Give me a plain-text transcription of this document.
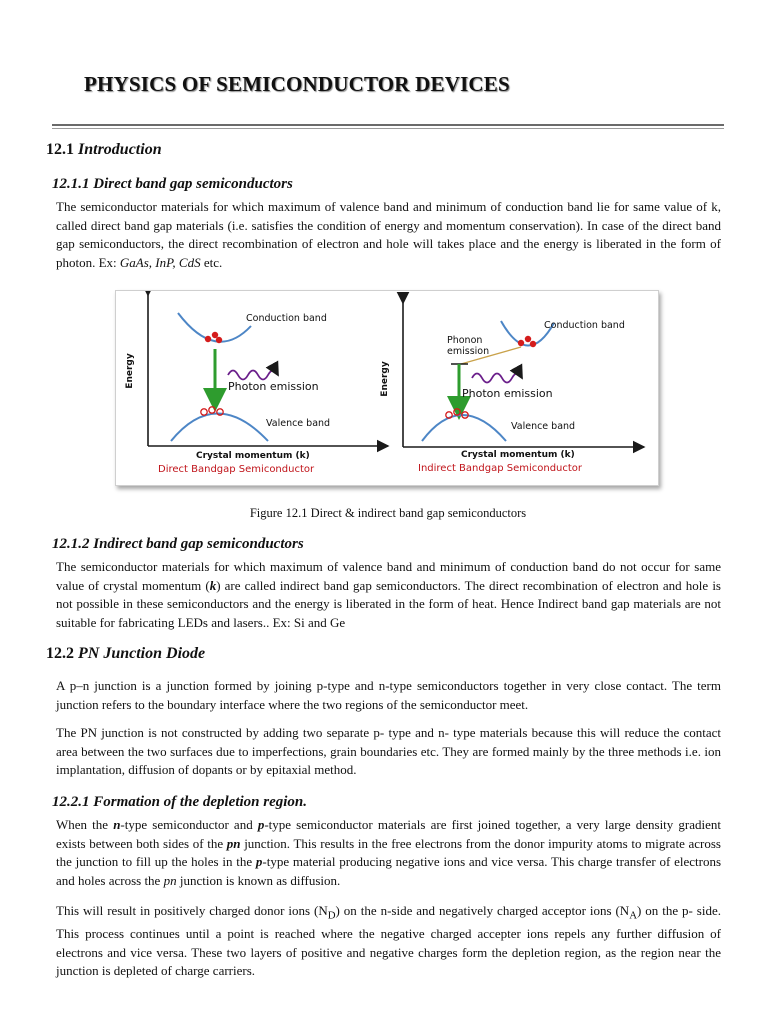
PHYSICS OF SEMICONDUCTOR DEVICES
12.1 Introduction
12.1.1 Direct band gap semiconductors

The semiconductor materials for which maximum of valence band and minimum of conduction band lie for same value of k, called direct band gap materials (i.e. satisfies the condition of energy and momentum conservation). In case of the direct band gap semiconductors, the direct recombination of electron and hole will takes place and the energy is liberated in the form of photon. Ex: GaAs, InP, CdS etc.

Energy
Conduction band
Photon emission
Valence band
Crystal momentum (k)
Direct Bandgap Semiconductor
Energy
Conduction band
Phonon
emission
Photon emission
Valence band
Crystal momentum (k)
Indirect Bandgap Semiconductor

Figure 12.1 Direct & indirect band gap semiconductors

12.1.2 Indirect band gap semiconductors

The semiconductor materials for which maximum of valence band and minimum of conduction band do not occur for same value of crystal momentum (k) are called indirect band gap semiconductors. The direct recombination of electron and hole is not possible in these semiconductors and the energy is liberated in the form of heat. Hence Indirect band gap materials are not suitable for fabricating LEDs and lasers.. Ex: Si and Ge

12.2 PN Junction Diode

A p–n junction is a junction formed by joining p-type and n-type semiconductors together in very close contact. The term junction refers to the boundary interface where the two regions of the semiconductor meet.

The PN junction is not constructed by adding two separate p- type and n- type materials because this will reduce the contact area between the two surfaces due to imperfections, grain boundaries etc. They are formed mainly by the three methods i.e. ion implantation, diffusion of dopants or by epitaxial method.

12.2.1 Formation of the depletion region.

When the n-type semiconductor and p-type semiconductor materials are first joined together, a very large density gradient exists between both sides of the pn junction. This results in the free electrons from the donor impurity atoms to migrate across the junction to fill up the holes in the p-type material producing negative ions and vice versa. This charge transfer of electrons and holes across the pn junction is known as diffusion.

This will result in positively charged donor ions $(N_D)$ on the n-side and negatively charged acceptor ions $(N_A)$ on the p- side. This process continues until a point is reached where the negative charged accepter ions repels any further diffusion of electrons and vice versa. These two layers of positive and negative charges form the depletion region, as the region near the junction is depleted of charge carriers.
